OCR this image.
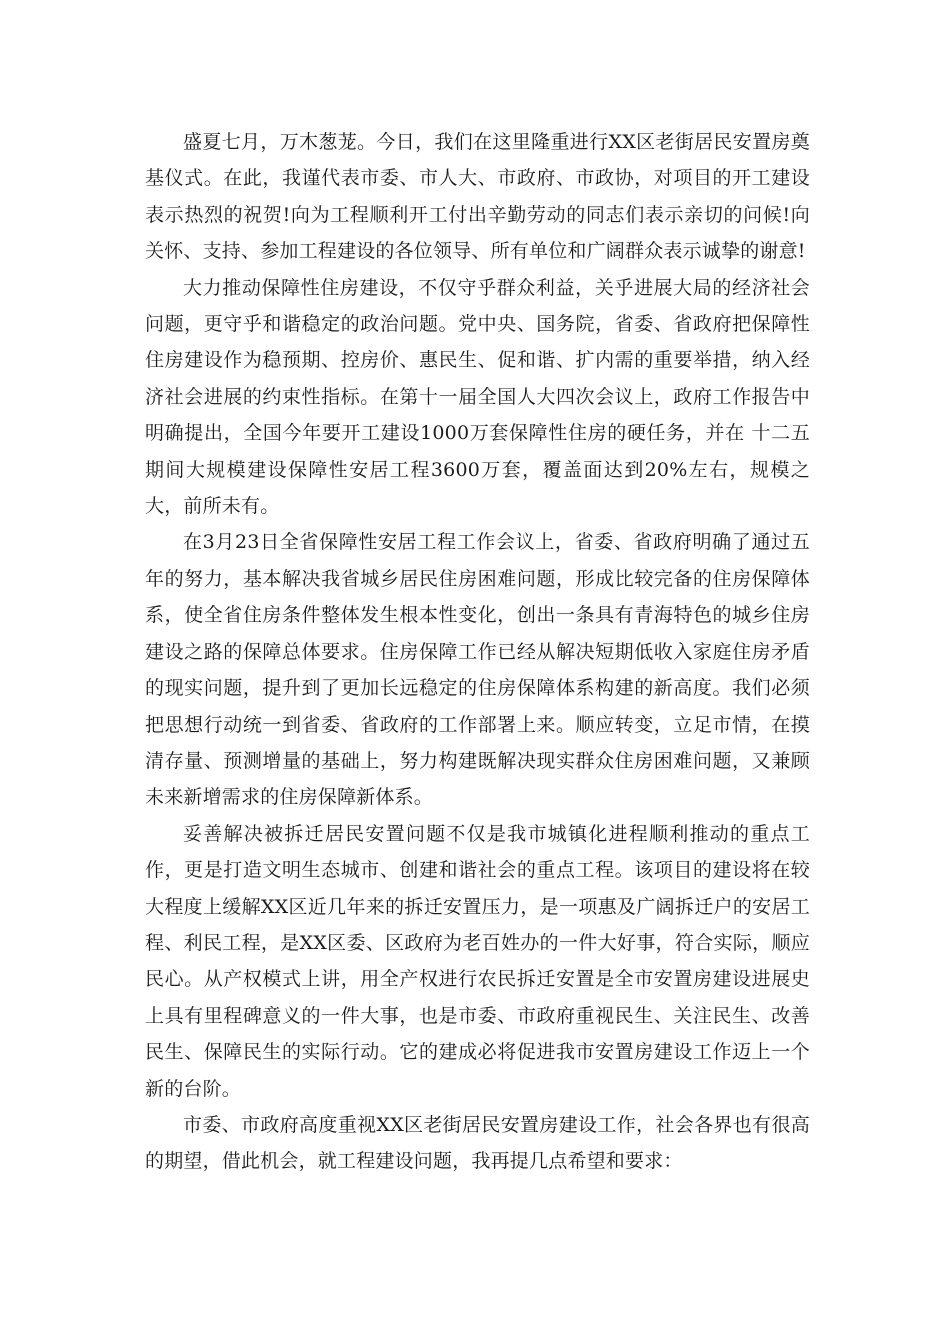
盛夏七月，万木葱茏。今日，我们在这里隆重进行XX区老街居民安置房奠基仪式。在此，我谨代表市委、市人大、市政府、市政协，对项目的开工建设表示热烈的祝贺!向为工程顺利开工付出辛勤劳动的同志们表示亲切的问候!向关怀、支持、参加工程建设的各位领导、所有单位和广阔群众表示诚挚的谢意!

大力推动保障性住房建设，不仅守乎群众利益，关乎进展大局的经济社会问题，更守乎和谐稳定的政治问题。党中央、国务院，省委、省政府把保障性住房建设作为稳预期、控房价、惠民生、促和谐、扩内需的重要举措，纳入经济社会进展的约束性指标。在第十一届全国人大四次会议上，政府工作报告中明确提出，全国今年要开工建设1000万套保障性住房的硬任务，并在 十二五 期间大规模建设保障性安居工程3600万套，覆盖面达到20%左右，规模之大，前所未有。

在3月23日全省保障性安居工程工作会议上，省委、省政府明确了通过五年的努力，基本解决我省城乡居民住房困难问题，形成比较完备的住房保障体系，使全省住房条件整体发生根本性变化，创出一条具有青海特色的城乡住房建设之路的保障总体要求。住房保障工作已经从解决短期低收入家庭住房矛盾的现实问题，提升到了更加长远稳定的住房保障体系构建的新高度。我们必须把思想行动统一到省委、省政府的工作部署上来。顺应转变，立足市情，在摸清存量、预测增量的基础上，努力构建既解决现实群众住房困难问题，又兼顾未来新增需求的住房保障新体系。

妥善解决被拆迁居民安置问题不仅是我市城镇化进程顺利推动的重点工作，更是打造文明生态城市、创建和谐社会的重点工程。该项目的建设将在较大程度上缓解XX区近几年来的拆迁安置压力，是一项惠及广阔拆迁户的安居工程、利民工程，是XX区委、区政府为老百姓办的一件大好事，符合实际，顺应民心。从产权模式上讲，用全产权进行农民拆迁安置是全市安置房建设进展史上具有里程碑意义的一件大事，也是市委、市政府重视民生、关注民生、改善民生、保障民生的实际行动。它的建成必将促进我市安置房建设工作迈上一个新的台阶。

市委、市政府高度重视XX区老街居民安置房建设工作，社会各界也有很高的期望，借此机会，就工程建设问题，我再提几点希望和要求：
